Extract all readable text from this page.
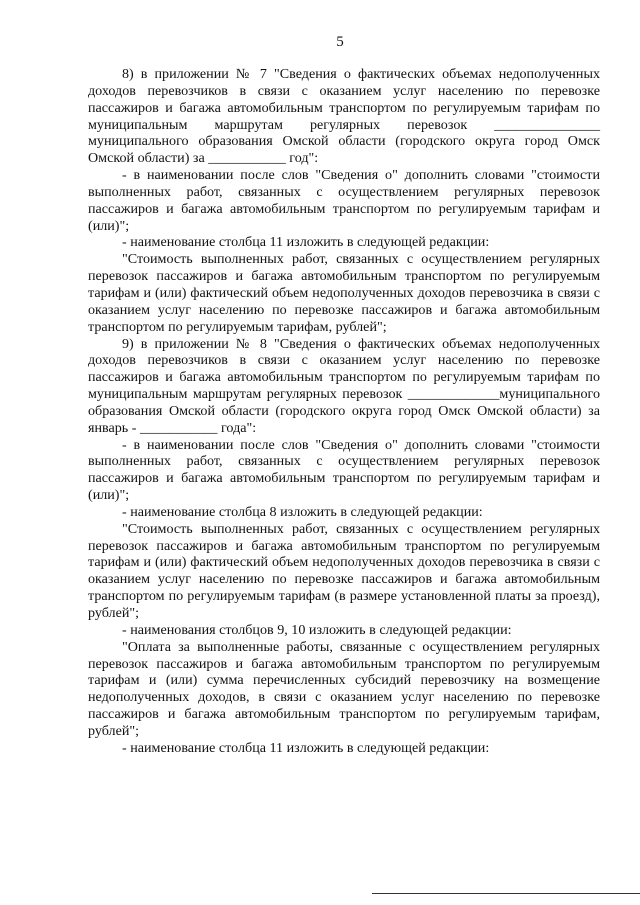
5

8) в приложении № 7 "Сведения о фактических объемах недополученных доходов перевозчиков в связи с оказанием услуг населению по перевозке пассажиров и багажа автомобильным транспортом по регулируемым тарифам по муниципальным маршрутам регулярных перевозок _______________ муниципального образования Омской области (городского округа город Омск Омской области) за ___________ год":

- в наименовании после слов "Сведения о" дополнить словами "стоимости выполненных работ, связанных с осуществлением регулярных перевозок пассажиров и багажа автомобильным транспортом по регулируемым тарифам и (или)";

- наименование столбца 11 изложить в следующей редакции:

"Стоимость выполненных работ, связанных с осуществлением регулярных перевозок пассажиров и багажа автомобильным транспортом по регулируемым тарифам и (или) фактический объем недополученных доходов перевозчика в связи с оказанием услуг населению по перевозке пассажиров и багажа автомобильным транспортом по регулируемым тарифам, рублей";

9) в приложении № 8 "Сведения о фактических объемах недополученных доходов перевозчиков в связи с оказанием услуг населению по перевозке пассажиров и багажа автомобильным транспортом по регулируемым тарифам по муниципальным маршрутам регулярных перевозок _____________муниципального образования Омской области (городского округа город Омск Омской области) за январь - ___________ года":

- в наименовании после слов "Сведения о" дополнить словами "стоимости выполненных работ, связанных с осуществлением регулярных перевозок пассажиров и багажа автомобильным транспортом по регулируемым тарифам и (или)";

- наименование столбца 8 изложить в следующей редакции:

"Стоимость выполненных работ, связанных с осуществлением регулярных перевозок пассажиров и багажа автомобильным транспортом по регулируемым тарифам и (или) фактический объем недополученных доходов перевозчика в связи с оказанием услуг населению по перевозке пассажиров и багажа автомобильным транспортом по регулируемым тарифам (в размере установленной платы за проезд), рублей";

- наименования столбцов 9, 10 изложить в следующей редакции:

"Оплата за выполненные работы, связанные с осуществлением регулярных перевозок пассажиров и багажа автомобильным транспортом по регулируемым тарифам и (или) сумма перечисленных субсидий перевозчику на возмещение недополученных доходов, в связи с оказанием услуг населению по перевозке пассажиров и багажа автомобильным транспортом по регулируемым тарифам, рублей";

- наименование столбца 11 изложить в следующей редакции:
